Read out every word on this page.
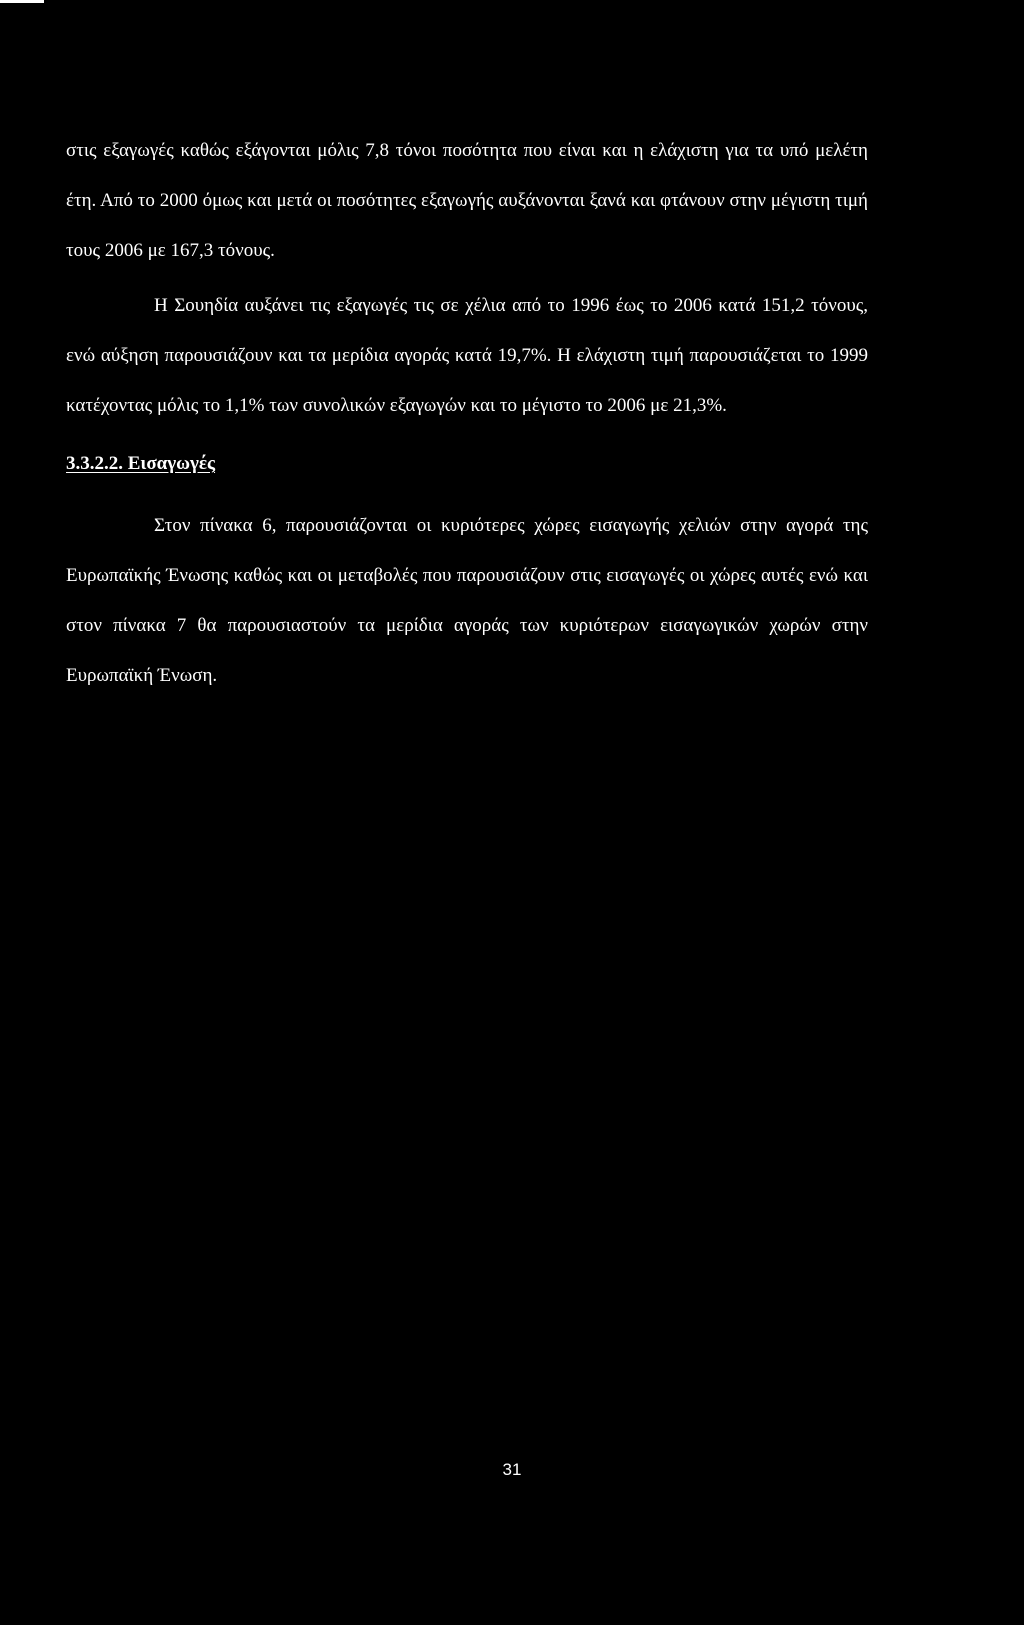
στις εξαγωγές καθώς εξάγονται μόλις 7,8 τόνοι ποσότητα που είναι και η ελάχιστη για τα υπό μελέτη έτη. Από το 2000 όμως και μετά οι ποσότητες εξαγωγής αυξάνονται ξανά και φτάνουν στην μέγιστη τιμή τους 2006 με 167,3 τόνους.

Η Σουηδία αυξάνει τις εξαγωγές τις σε χέλια από το 1996 έως το 2006 κατά 151,2 τόνους, ενώ αύξηση παρουσιάζουν και τα μερίδια αγοράς κατά 19,7%. Η ελάχιστη τιμή παρουσιάζεται το 1999 κατέχοντας μόλις το 1,1% των συνολικών εξαγωγών και το μέγιστο το 2006 με 21,3%.

3.3.2.2. Εισαγωγές

Στον πίνακα 6, παρουσιάζονται οι κυριότερες χώρες εισαγωγής χελιών στην αγορά της Ευρωπαϊκής Ένωσης καθώς και οι μεταβολές που παρουσιάζουν στις εισαγωγές οι χώρες αυτές ενώ και στον πίνακα 7 θα παρουσιαστούν τα μερίδια αγοράς των κυριότερων εισαγωγικών χωρών στην Ευρωπαϊκή Ένωση.

31
